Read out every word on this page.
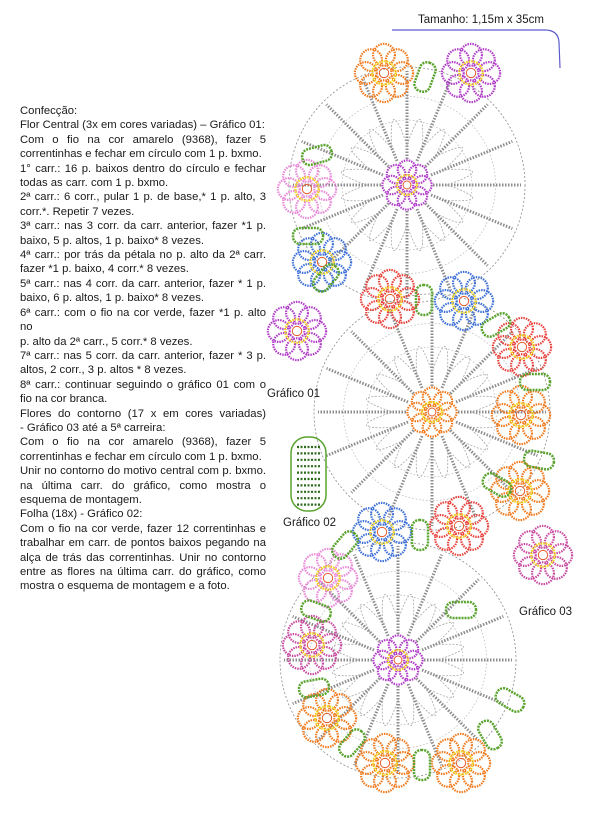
Tamanho: 1,15m x 35cm

Confecção:

Flor Central (3x em cores variadas) – Gráfico 01:

Com o fio na cor amarelo (9368), fazer 5

correntinhas e fechar em círculo com 1 p. bxmo.

1° carr.: 16 p. baixos dentro do círculo e fechar

todas as carr. com 1 p. bxmo.

2ª carr.: 6 corr., pular 1 p. de base,* 1 p. alto, 3

corr.*. Repetir 7 vezes.

3ª carr.: nas 3 corr. da carr. anterior, fazer *1 p.

baixo, 5 p. altos, 1 p. baixo* 8 vezes.

4ª carr.: por trás da pétala no p. alto da 2ª carr.

fazer *1 p. baixo, 4 corr.* 8 vezes.

5ª carr.: nas 4 corr. da carr. anterior, fazer * 1 p.

baixo, 6 p. altos, 1 p. baixo* 8 vezes.

6ª carr.: com o fio na cor verde, fazer *1 p. alto no

p. alto da 2ª carr., 5 corr.* 8 vezes.

7ª carr.: nas 5 corr. da carr. anterior, fazer * 3 p.

altos, 2 corr., 3 p. altos * 8 vezes.

8ª carr.: continuar seguindo o gráfico 01 com o

fio na cor branca.

Flores do contorno (17 x em cores variadas)

- Gráfico 03 até a 5ª carreira:

Com o fio na cor amarelo (9368), fazer 5

correntinhas e fechar em círculo com 1 p. bxmo.

Unir no contorno do motivo central com p. bxmo.

na última carr. do gráfico, como mostra o

esquema de montagem.

Folha (18x) - Gráfico 02:

Com o fio na cor verde, fazer 12 correntinhas e

trabalhar em carr. de pontos baixos pegando na

alça de trás das correntinhas. Unir no contorno

entre as flores na última carr. do gráfico, como

mostra o esquema de montagem e a foto.

Gráfico 01
Gráfico 02
Gráfico 03
